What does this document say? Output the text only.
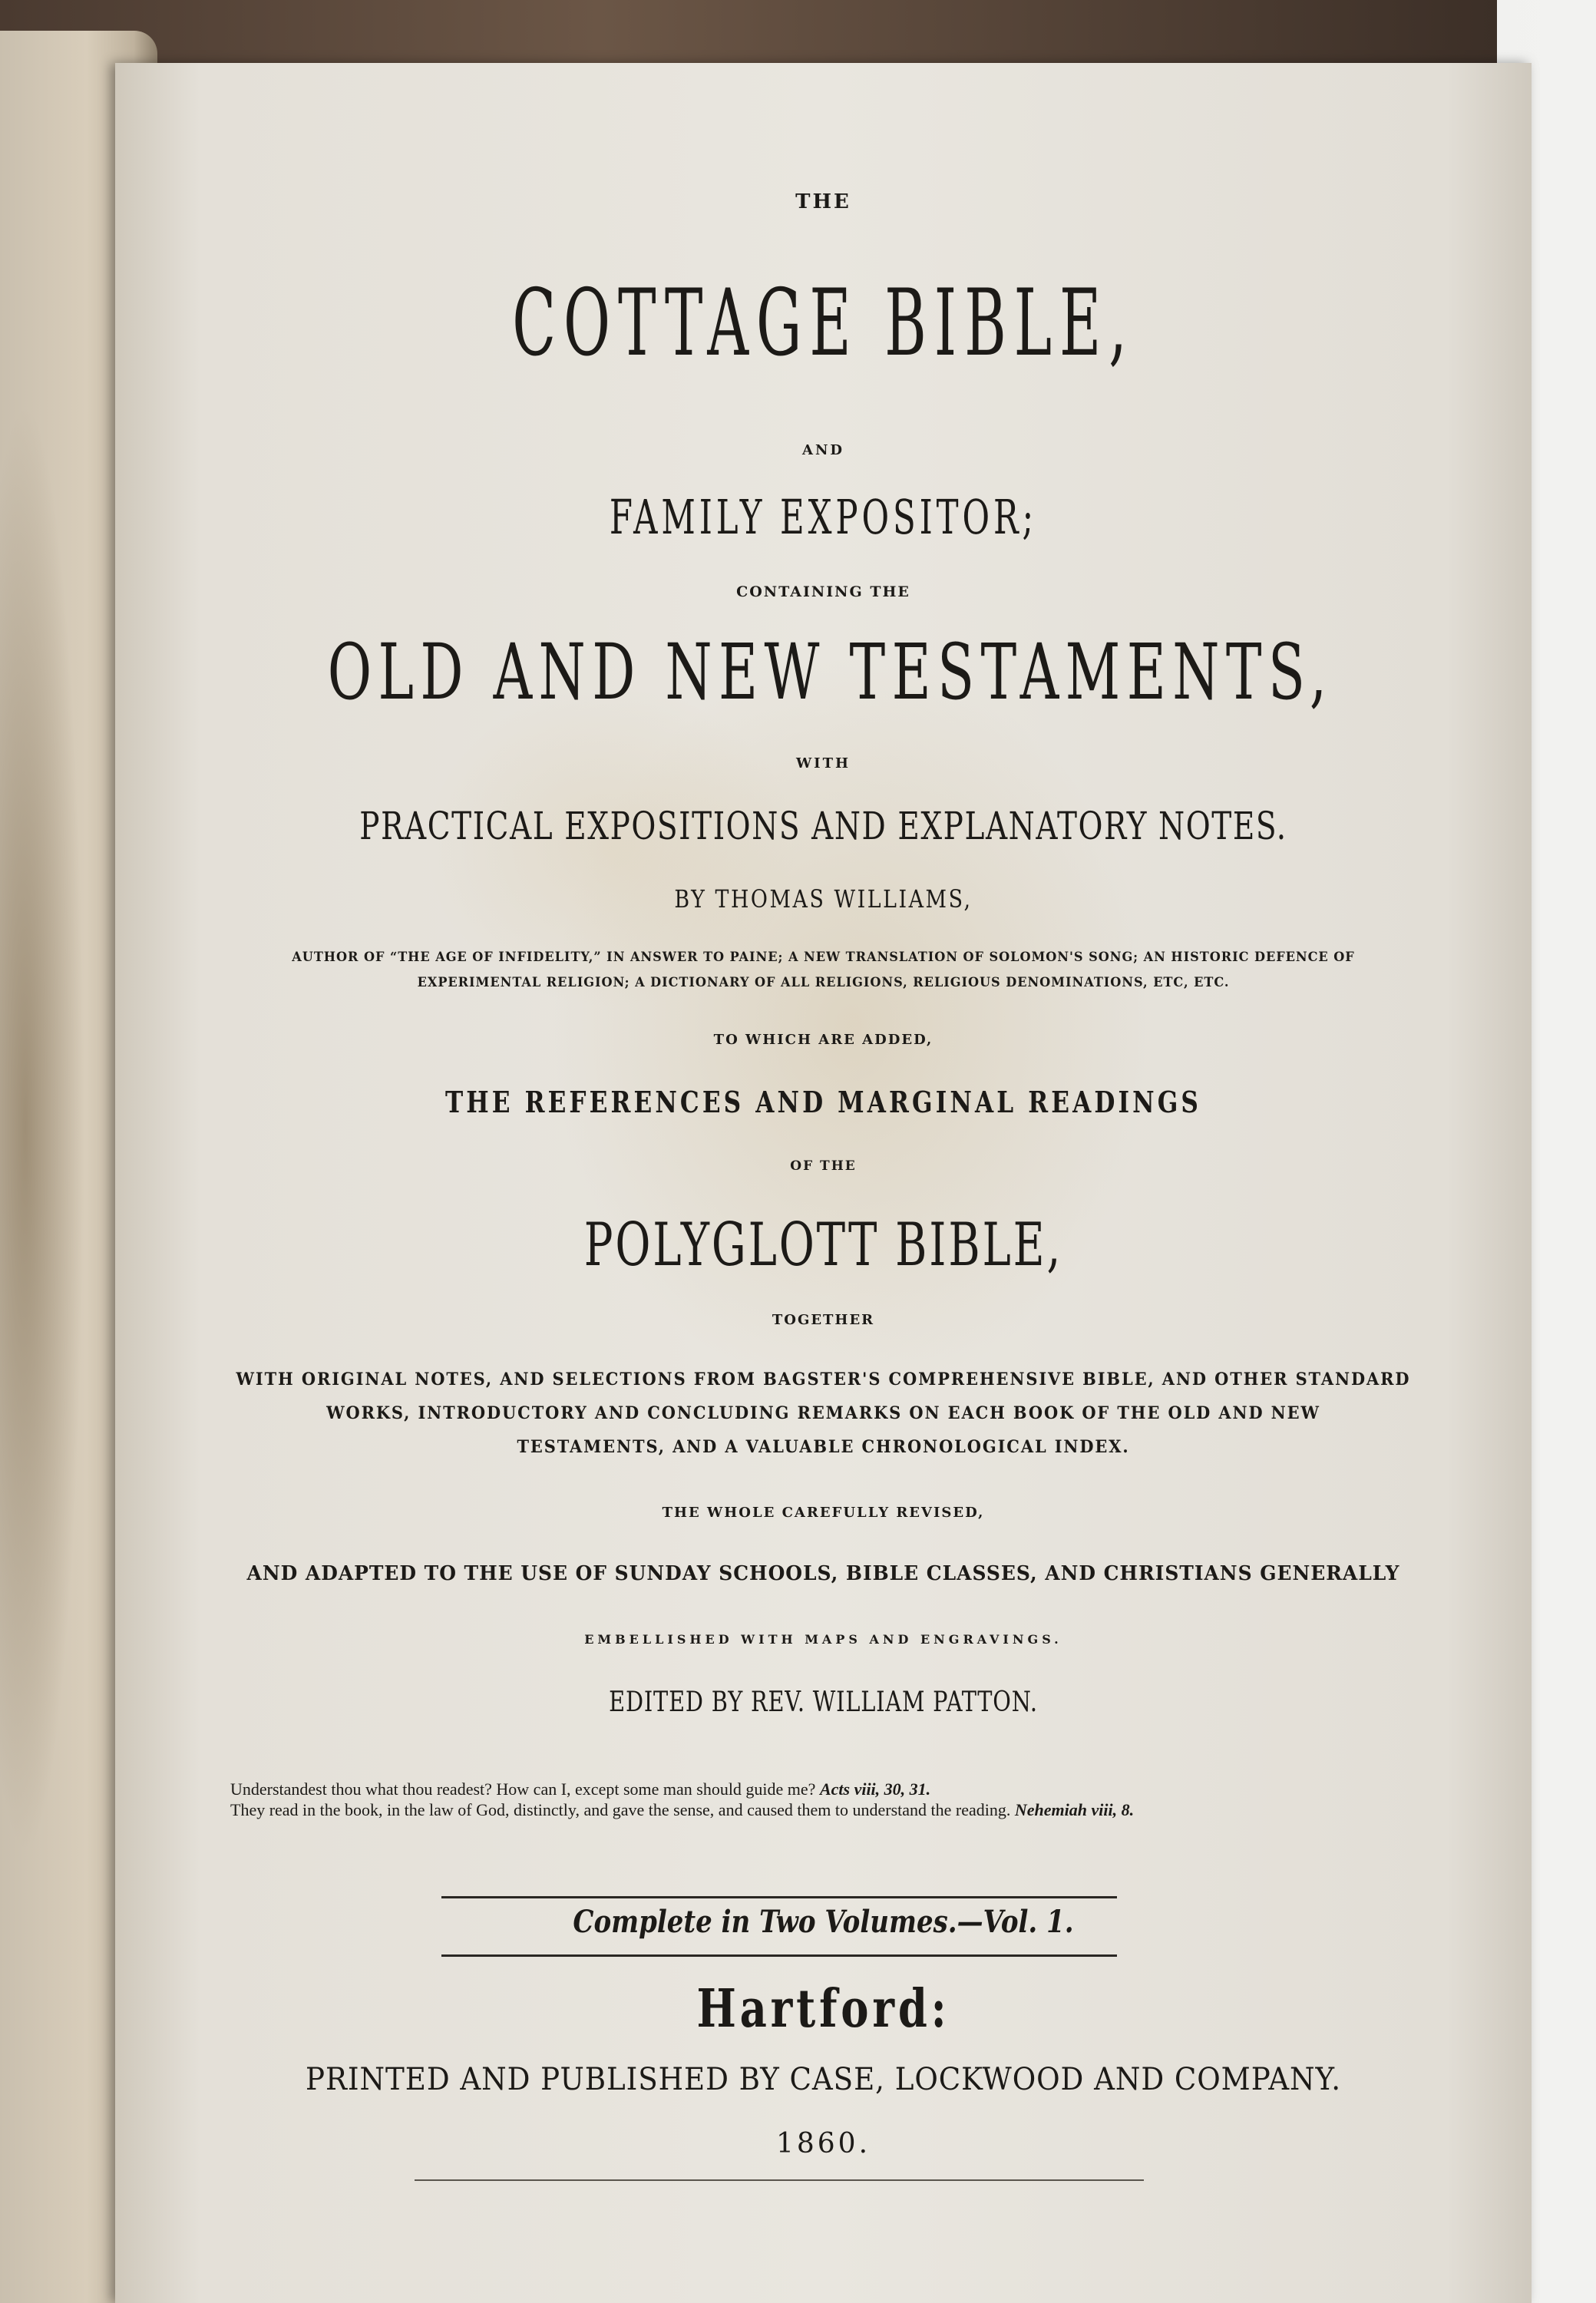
THE
COTTAGE BIBLE,
AND
FAMILY EXPOSITOR;
CONTAINING THE
OLD AND NEW TESTAMENTS,
WITH
PRACTICAL EXPOSITIONS AND EXPLANATORY NOTES.
BY THOMAS WILLIAMS,
AUTHOR OF “THE AGE OF INFIDELITY,” IN ANSWER TO PAINE; A NEW TRANSLATION OF SOLOMON'S SONG; AN HISTORIC DEFENCE OF
EXPERIMENTAL RELIGION; A DICTIONARY OF ALL RELIGIONS, RELIGIOUS DENOMINATIONS, ETC, ETC.
TO WHICH ARE ADDED,
THE REFERENCES AND MARGINAL READINGS
OF THE
POLYGLOTT BIBLE,
TOGETHER
WITH ORIGINAL NOTES, AND SELECTIONS FROM BAGSTER'S COMPREHENSIVE BIBLE, AND OTHER STANDARD
WORKS, INTRODUCTORY AND CONCLUDING REMARKS ON EACH BOOK OF THE OLD AND NEW
TESTAMENTS, AND A VALUABLE CHRONOLOGICAL INDEX.
THE WHOLE CAREFULLY REVISED,
AND ADAPTED TO THE USE OF SUNDAY SCHOOLS, BIBLE CLASSES, AND CHRISTIANS GENERALLY
EMBELLISHED WITH MAPS AND ENGRAVINGS.
EDITED BY REV. WILLIAM PATTON.
Understandest thou what thou readest? How can I, except some man should guide me? Acts viii, 30, 31.
They read in the book, in the law of God, distinctly, and gave the sense, and caused them to understand the reading. Nehemiah viii, 8.
Complete in Two Volumes.—Vol. 1.
Hartford:
PRINTED AND PUBLISHED BY CASE, LOCKWOOD AND COMPANY.
1860.
